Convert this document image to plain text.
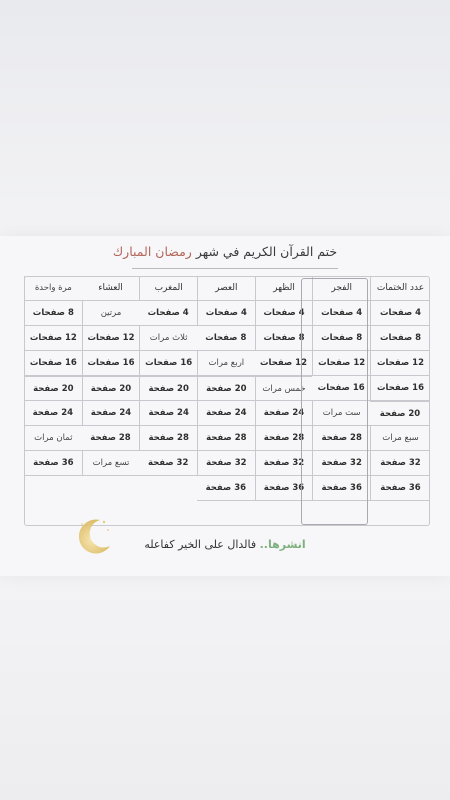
ختم القرآن الكريم في شهر رمضان المبارك
عدد الختمات
الفجر
الظهر
العصر
المغرب
العشاء
مرة واحدة
4 صفحات
4 صفحات
4 صفحات
4 صفحات
4 صفحات
مرتين
8 صفحات
8 صفحات
8 صفحات
8 صفحات
8 صفحات
ثلاث مرات
12 صفحات
12 صفحات
12 صفحات
12 صفحات
12 صفحات
اربع مرات
16 صفحات
16 صفحات
16 صفحات
16 صفحات
16 صفحات
خمس مرات
20 صفحة
20 صفحة
20 صفحة
20 صفحة
20 صفحة
ست مرات
24 صفحة
24 صفحة
24 صفحة
24 صفحة
24 صفحة
سبع مرات
28 صفحة
28 صفحة
28 صفحة
28 صفحة
28 صفحة
ثمان مرات
32 صفحة
32 صفحة
32 صفحة
32 صفحة
32 صفحة
تسع مرات
36 صفحة
36 صفحة
36 صفحة
36 صفحة
36 صفحة
انشرها.. فالدال على الخير كفاعله
